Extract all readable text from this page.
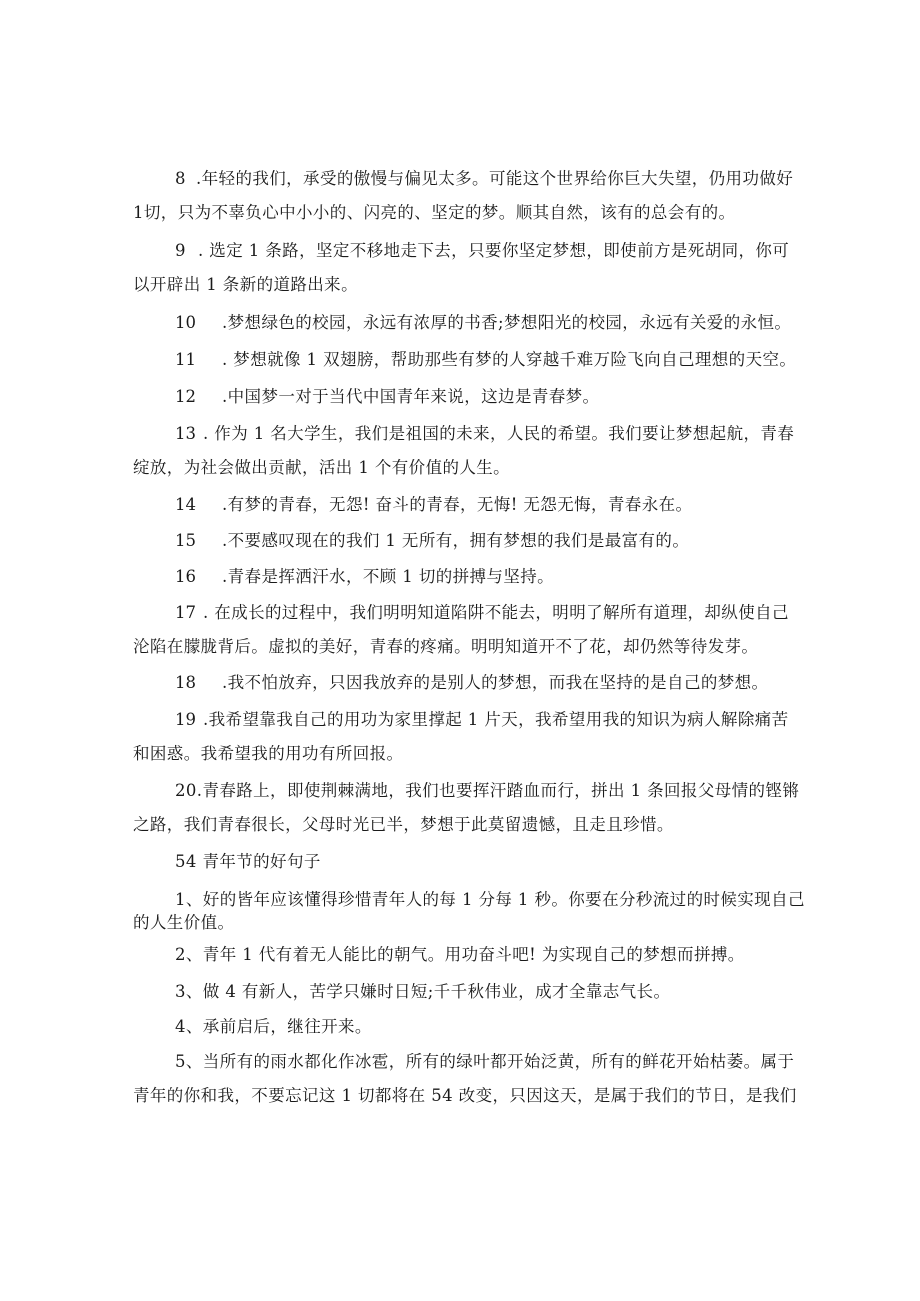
8 .年轻的我们，承受的傲慢与偏见太多。可能这个世界给你巨大失望，仍用功做好
1切，只为不辜负心中小小的、闪亮的、坚定的梦。顺其自然，该有的总会有的。
9 . 选定 1 条路，坚定不移地走下去，只要你坚定梦想，即使前方是死胡同，你可
以开辟出 1 条新的道路出来。
10 .梦想绿色的校园，永远有浓厚的书香;梦想阳光的校园，永远有关爱的永恒。
11 . 梦想就像 1 双翅膀，帮助那些有梦的人穿越千难万险飞向自己理想的天空。
12 .中国梦一对于当代中国青年来说，这边是青春梦。
13 . 作为 1 名大学生，我们是祖国的未来，人民的希望。我们要让梦想起航，青春
绽放，为社会做出贡献，活出 1 个有价值的人生。
14 .有梦的青春，无怨! 奋斗的青春，无悔! 无怨无悔，青春永在。
15 .不要感叹现在的我们 1 无所有，拥有梦想的我们是最富有的。
16 .青春是挥洒汗水，不顾 1 切的拼搏与坚持。
17 . 在成长的过程中，我们明明知道陷阱不能去，明明了解所有道理，却纵使自己
沦陷在朦胧背后。虚拟的美好，青春的疼痛。明明知道开不了花，却仍然等待发芽。
18 .我不怕放弃，只因我放弃的是别人的梦想，而我在坚持的是自己的梦想。
19 .我希望靠我自己的用功为家里撑起 1 片天，我希望用我的知识为病人解除痛苦
和困惑。我希望我的用功有所回报。
20.青春路上，即使荆棘满地，我们也要挥汗踏血而行，拼出 1 条回报父母情的铿锵
之路，我们青春很长，父母时光已半，梦想于此莫留遗憾，且走且珍惜。
54 青年节的好句子
1、好的皆年应该懂得珍惜青年人的每 1 分每 1 秒。你要在分秒流过的时候实现自己
的人生价值。
2、青年 1 代有着无人能比的朝气。用功奋斗吧! 为实现自己的梦想而拼搏。
3、做 4 有新人，苦学只嫌时日短;千千秋伟业，成才全靠志气长。
4、承前启后，继往开来。
5、当所有的雨水都化作冰雹，所有的绿叶都开始泛黄，所有的鲜花开始枯萎。属于
青年的你和我，不要忘记这 1 切都将在 54 改变，只因这天，是属于我们的节日，是我们
